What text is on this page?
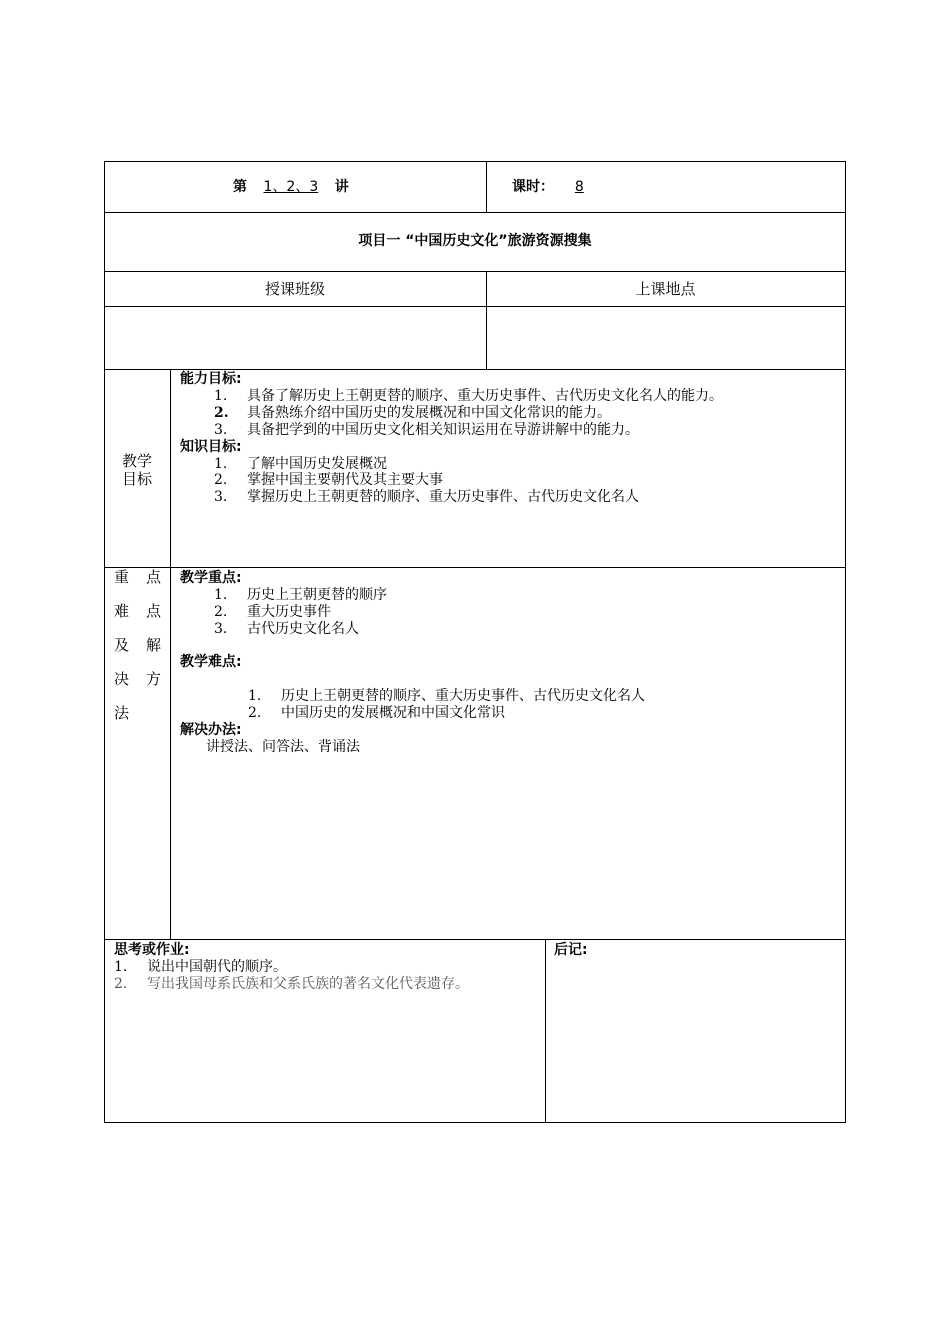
第 1、2、3 讲	课时： 8
项目一 “中国历史文化”旅游资源搜集
授课班级	上课地点
教学
目标
能力目标:
1. 具备了解历史上王朝更替的顺序、重大历史事件、古代历史文化名人的能力。
2. 具备熟练介绍中国历史的发展概况和中国文化常识的能力。
3. 具备把学到的中国历史文化相关知识运用在导游讲解中的能力。
知识目标:
1. 了解中国历史发展概况
2. 掌握中国主要朝代及其主要大事
3. 掌握历史上王朝更替的顺序、重大历史事件、古代历史文化名人
重 点
难 点
及 解
决 方
法
教学重点:
1. 历史上王朝更替的顺序
2. 重大历史事件
3. 古代历史文化名人
教学难点:
1. 历史上王朝更替的顺序、重大历史事件、古代历史文化名人
2. 中国历史的发展概况和中国文化常识
解决办法:
讲授法、问答法、背诵法
思考或作业:
1. 说出中国朝代的顺序。
2. 写出我国母系氏族和父系氏族的著名文化代表遗存。
后记:
